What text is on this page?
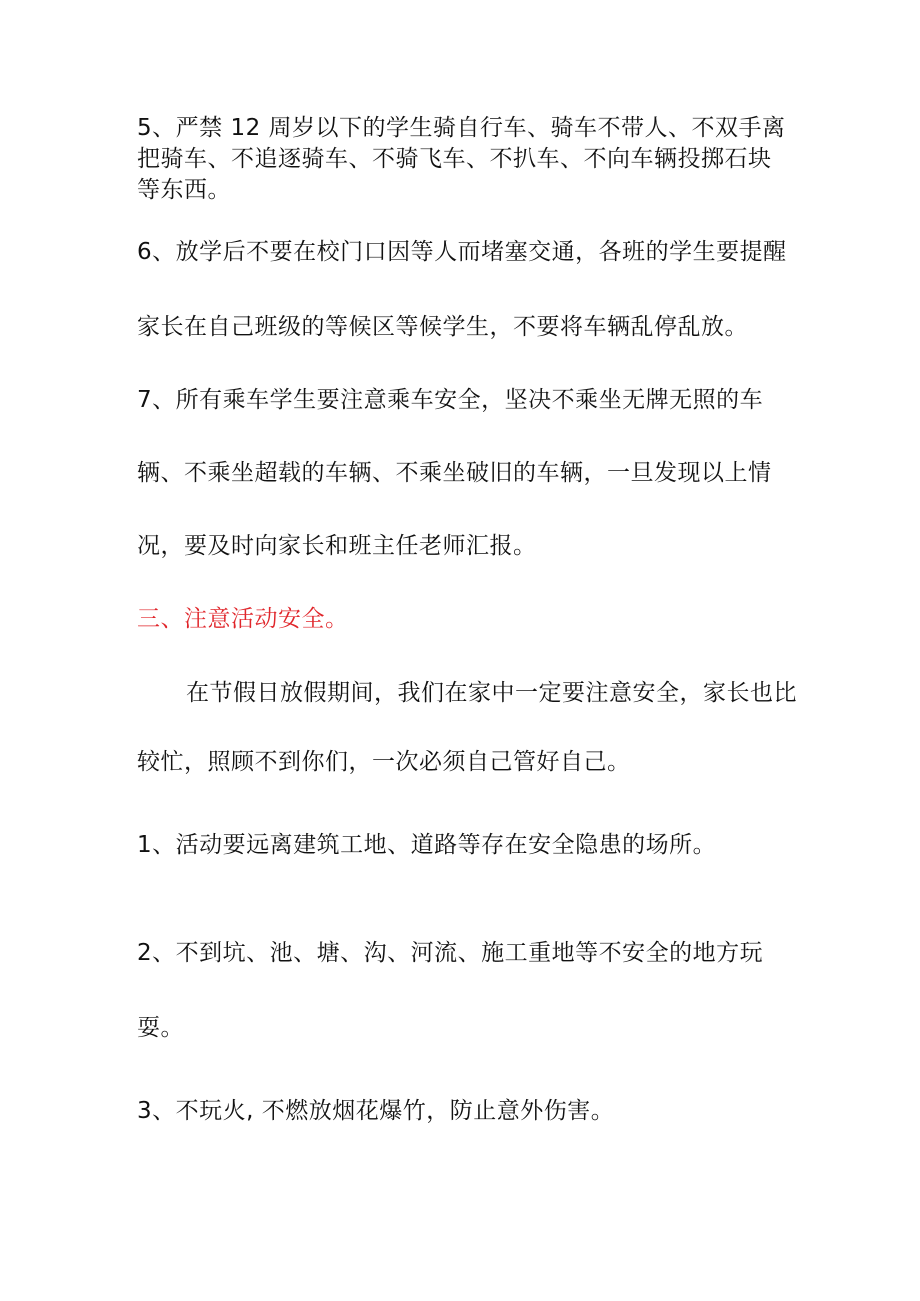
5、严禁 12 周岁以下的学生骑自行车、骑车不带人、不双手离
把骑车、不追逐骑车、不骑飞车、不扒车、不向车辆投掷石块
等东西。
6、放学后不要在校门口因等人而堵塞交通，各班的学生要提醒
家长在自己班级的等候区等候学生，不要将车辆乱停乱放。
7、所有乘车学生要注意乘车安全，坚决不乘坐无牌无照的车
辆、不乘坐超载的车辆、不乘坐破旧的车辆，一旦发现以上情
况，要及时向家长和班主任老师汇报。
三、注意活动安全。
在节假日放假期间，我们在家中一定要注意安全，家长也比
较忙，照顾不到你们，一次必须自己管好自己。
1、活动要远离建筑工地、道路等存在安全隐患的场所。
2、不到坑、池、塘、沟、河流、施工重地等不安全的地方玩
耍。
3、不玩火, 不燃放烟花爆竹，防止意外伤害。
